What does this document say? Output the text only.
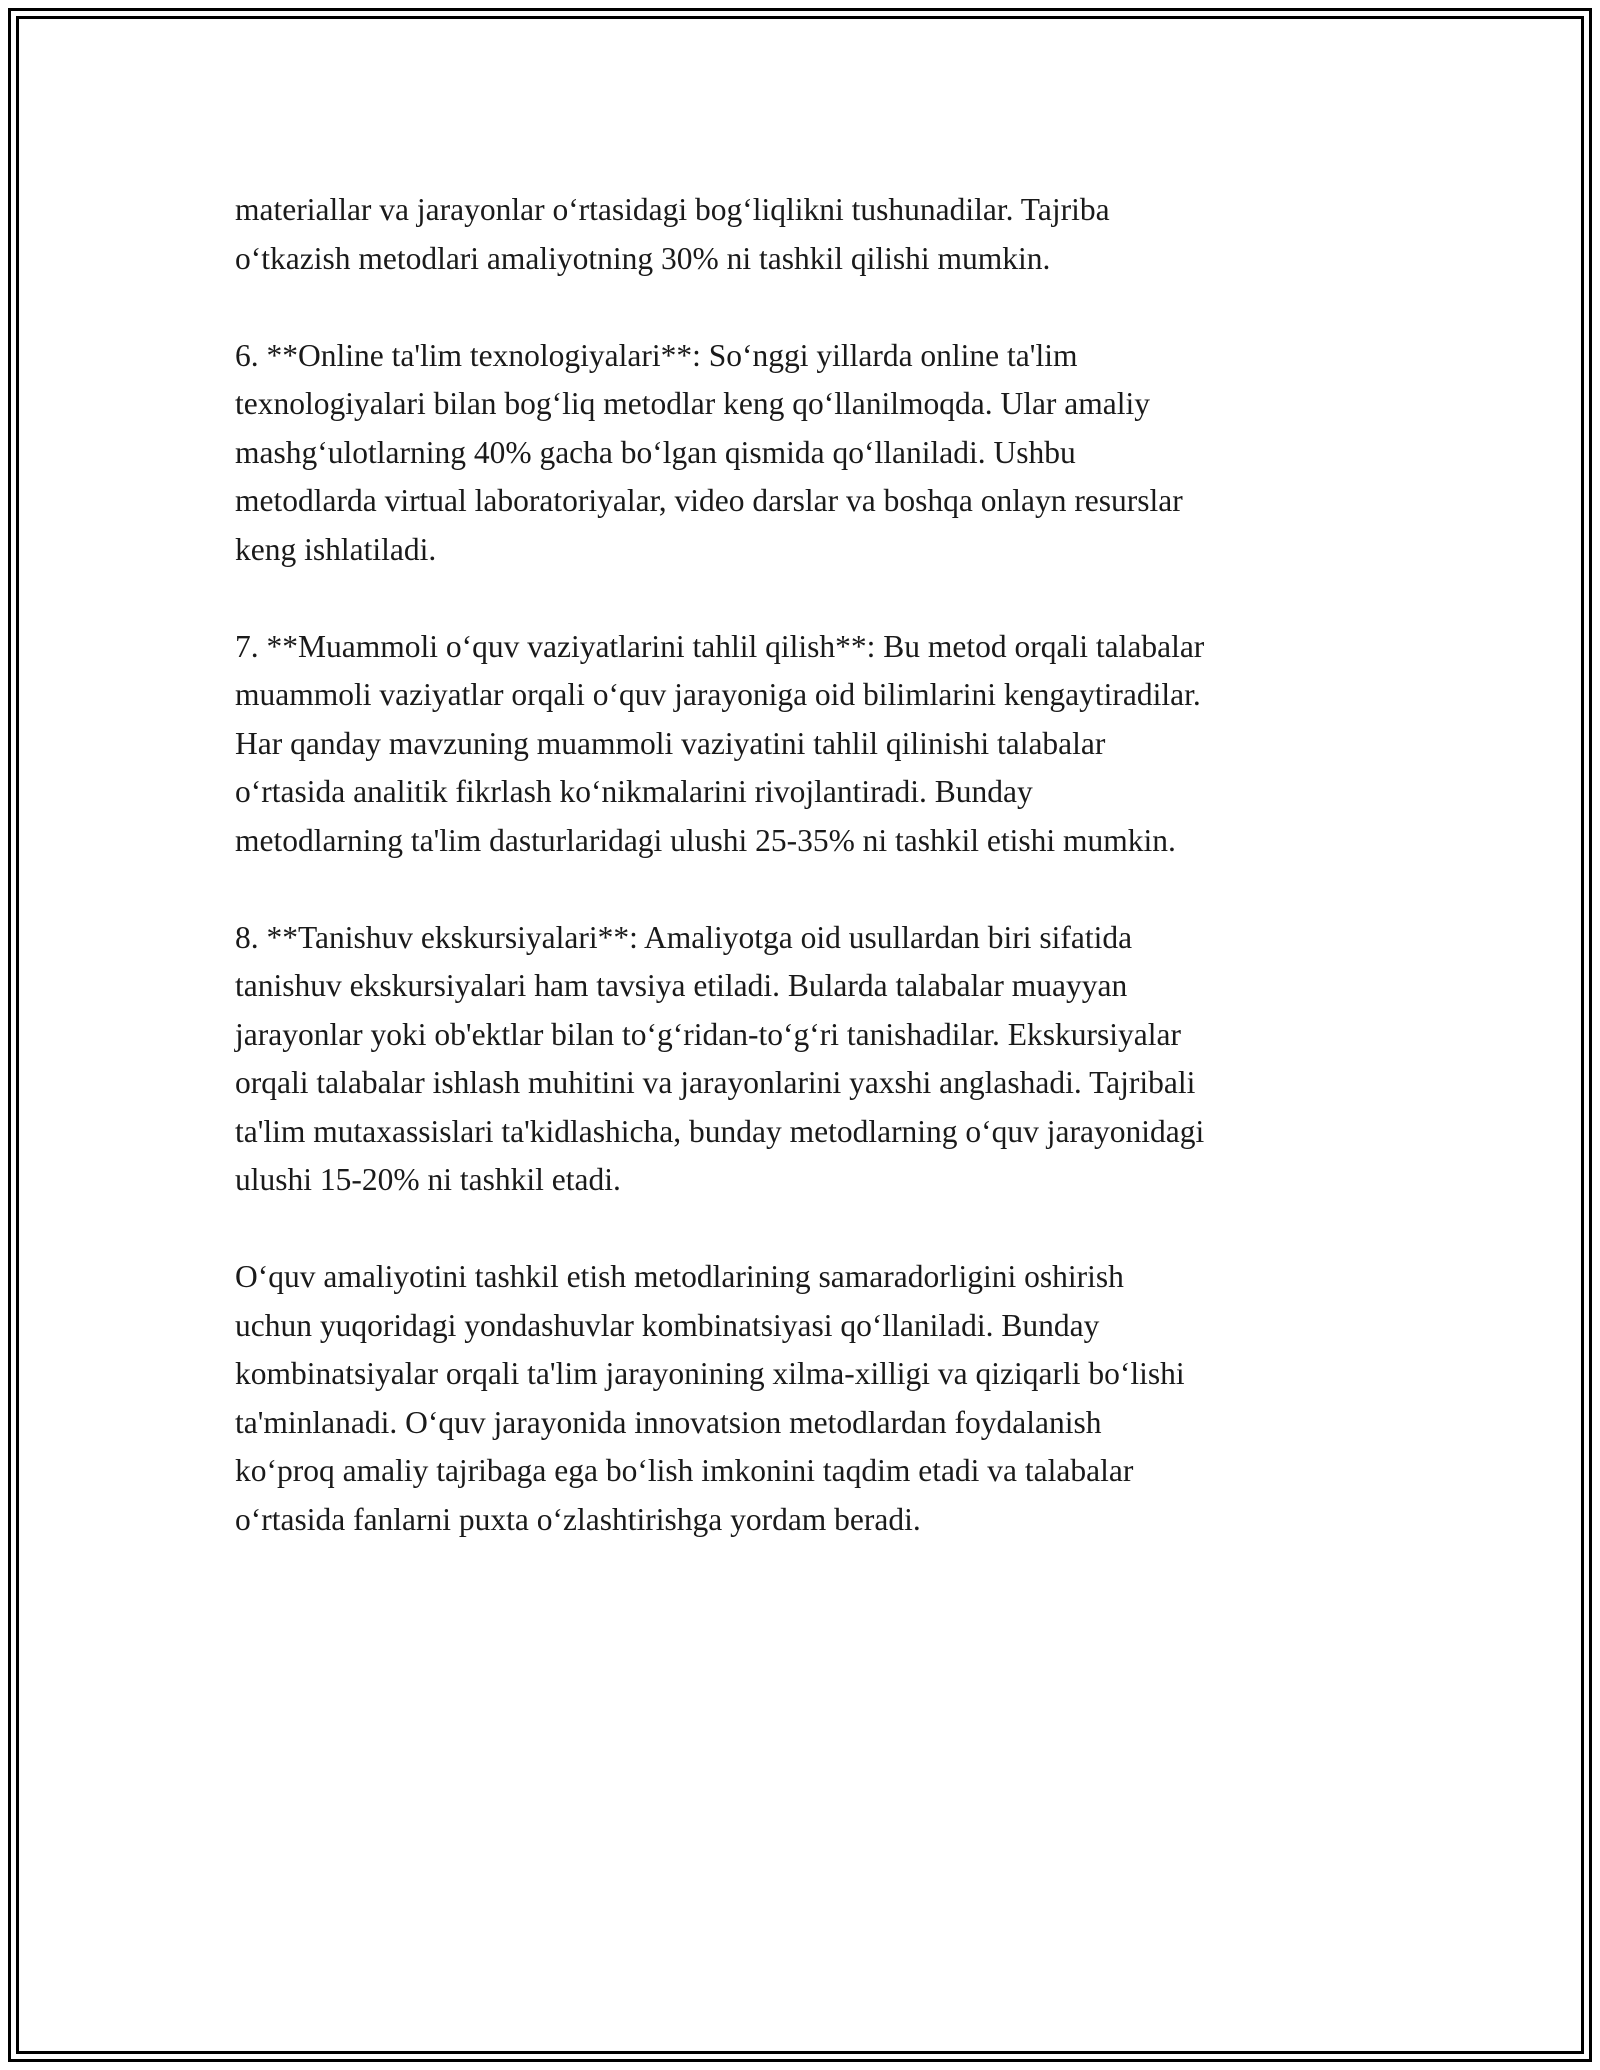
materiallar va jarayonlar o‘rtasidagi bog‘liqlikni tushunadilar. Tajriba
o‘tkazish metodlari amaliyotning 30% ni tashkil qilishi mumkin.

6. **Online ta'lim texnologiyalari**: So‘nggi yillarda online ta'lim
texnologiyalari bilan bog‘liq metodlar keng qo‘llanilmoqda. Ular amaliy
mashg‘ulotlarning 40% gacha bo‘lgan qismida qo‘llaniladi. Ushbu
metodlarda virtual laboratoriyalar, video darslar va boshqa onlayn resurslar
keng ishlatiladi.

7. **Muammoli o‘quv vaziyatlarini tahlil qilish**: Bu metod orqali talabalar
muammoli vaziyatlar orqali o‘quv jarayoniga oid bilimlarini kengaytiradilar.
Har qanday mavzuning muammoli vaziyatini tahlil qilinishi talabalar
o‘rtasida analitik fikrlash ko‘nikmalarini rivojlantiradi. Bunday
metodlarning ta'lim dasturlaridagi ulushi 25-35% ni tashkil etishi mumkin.

8. **Tanishuv ekskursiyalari**: Amaliyotga oid usullardan biri sifatida
tanishuv ekskursiyalari ham tavsiya etiladi. Bularda talabalar muayyan
jarayonlar yoki ob'ektlar bilan to‘g‘ridan-to‘g‘ri tanishadilar. Ekskursiyalar
orqali talabalar ishlash muhitini va jarayonlarini yaxshi anglashadi. Tajribali
ta'lim mutaxassislari ta'kidlashicha, bunday metodlarning o‘quv jarayonidagi
ulushi 15-20% ni tashkil etadi.

O‘quv amaliyotini tashkil etish metodlarining samaradorligini oshirish
uchun yuqoridagi yondashuvlar kombinatsiyasi qo‘llaniladi. Bunday
kombinatsiyalar orqali ta'lim jarayonining xilma-xilligi va qiziqarli bo‘lishi
ta'minlanadi. O‘quv jarayonida innovatsion metodlardan foydalanish
ko‘proq amaliy tajribaga ega bo‘lish imkonini taqdim etadi va talabalar
o‘rtasida fanlarni puxta o‘zlashtirishga yordam beradi.
